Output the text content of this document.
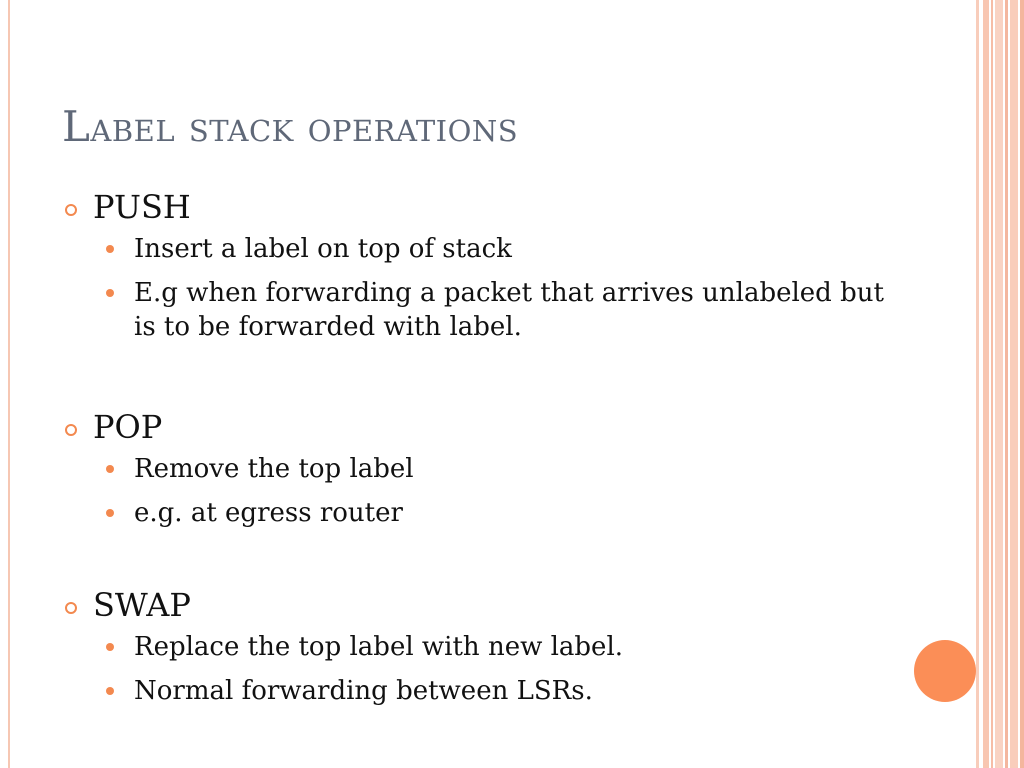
Label stack operations
PUSH
Insert a label on top of stack
E.g when forwarding a packet that arrives unlabeled but is to be forwarded with label.
POP
Remove the top label
e.g. at egress router
SWAP
Replace the top label with new label.
Normal forwarding between LSRs.
